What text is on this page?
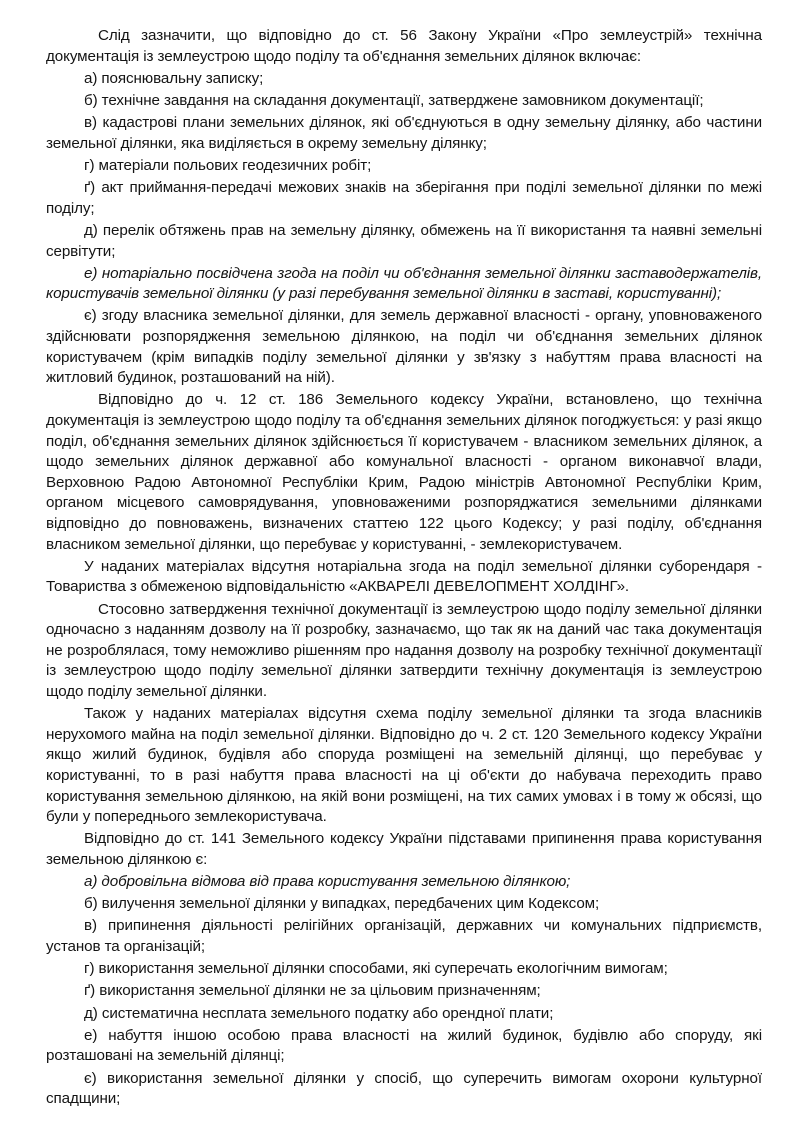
Слід зазначити, що відповідно до ст. 56 Закону України «Про землеустрій» технічна документація із землеустрою щодо поділу та об'єднання земельних ділянок включає:

а) пояснювальну записку;

б) технічне завдання на складання документації, затверджене замовником документації;

в) кадастрові плани земельних ділянок, які об'єднуються в одну земельну ділянку, або частини земельної ділянки, яка виділяється в окрему земельну ділянку;

г) матеріали польових геодезичних робіт;

ґ) акт приймання-передачі межових знаків на зберігання при поділі земельної ділянки по межі поділу;

д) перелік обтяжень прав на земельну ділянку, обмежень на її використання та наявні земельні сервітути;

е) нотаріально посвідчена згода на поділ чи об'єднання земельної ділянки заставодержателів, користувачів земельної ділянки (у разі перебування земельної ділянки в заставі, користуванні);

є) згоду власника земельної ділянки, для земель державної власності - органу, уповноваженого здійснювати розпорядження земельною ділянкою, на поділ чи об'єднання земельних ділянок користувачем (крім випадків поділу земельної ділянки у зв'язку з набуттям права власності на житловий будинок, розташований на ній).

Відповідно до ч. 12 ст. 186 Земельного кодексу України, встановлено, що технічна документація із землеустрою щодо поділу та об'єднання земельних ділянок погоджується: у разі якщо поділ, об'єднання земельних ділянок здійснюється її користувачем - власником земельних ділянок, а щодо земельних ділянок державної або комунальної власності - органом виконавчої влади, Верховною Радою Автономної Республіки Крим, Радою міністрів Автономної Республіки Крим, органом місцевого самоврядування, уповноваженими розпоряджатися земельними ділянками відповідно до повноважень, визначених статтею 122 цього Кодексу; у разі поділу, об'єднання власником земельної ділянки, що перебуває у користуванні, - землекористувачем.

У наданих матеріалах відсутня нотаріальна згода на поділ земельної ділянки суборендаря - Товариства з обмеженою відповідальністю «АКВАРЕЛІ ДЕВЕЛОПМЕНТ ХОЛДІНГ».

Стосовно затвердження технічної документації із землеустрою щодо поділу земельної ділянки одночасно з наданням дозволу на її розробку, зазначаємо, що так як на даний час така документація не розроблялася, тому неможливо рішенням про надання дозволу на розробку технічної документації із землеустрою щодо поділу земельної ділянки затвердити технічну документація із землеустрою щодо поділу земельної ділянки.

Також у наданих матеріалах відсутня схема поділу земельної ділянки та згода власників нерухомого майна на поділ земельної ділянки. Відповідно до ч. 2 ст. 120 Земельного кодексу України якщо жилий будинок, будівля або споруда розміщені на земельній ділянці, що перебуває у користуванні, то в разі набуття права власності на ці об'єкти до набувача переходить право користування земельною ділянкою, на якій вони розміщені, на тих самих умовах і в тому ж обсязі, що були у попереднього землекористувача.

Відповідно до ст. 141 Земельного кодексу України підставами припинення права користування земельною ділянкою є:

а) добровільна відмова від права користування земельною ділянкою;

б) вилучення земельної ділянки у випадках, передбачених цим Кодексом;

в) припинення діяльності релігійних організацій, державних чи комунальних підприємств, установ та організацій;

г) використання земельної ділянки способами, які суперечать екологічним вимогам;

ґ) використання земельної ділянки не за цільовим призначенням;

д) систематична несплата земельного податку або орендної плати;

е) набуття іншою особою права власності на жилий будинок, будівлю або споруду, які розташовані на земельній ділянці;

є) використання земельної ділянки у спосіб, що суперечить вимогам охорони культурної спадщини;
